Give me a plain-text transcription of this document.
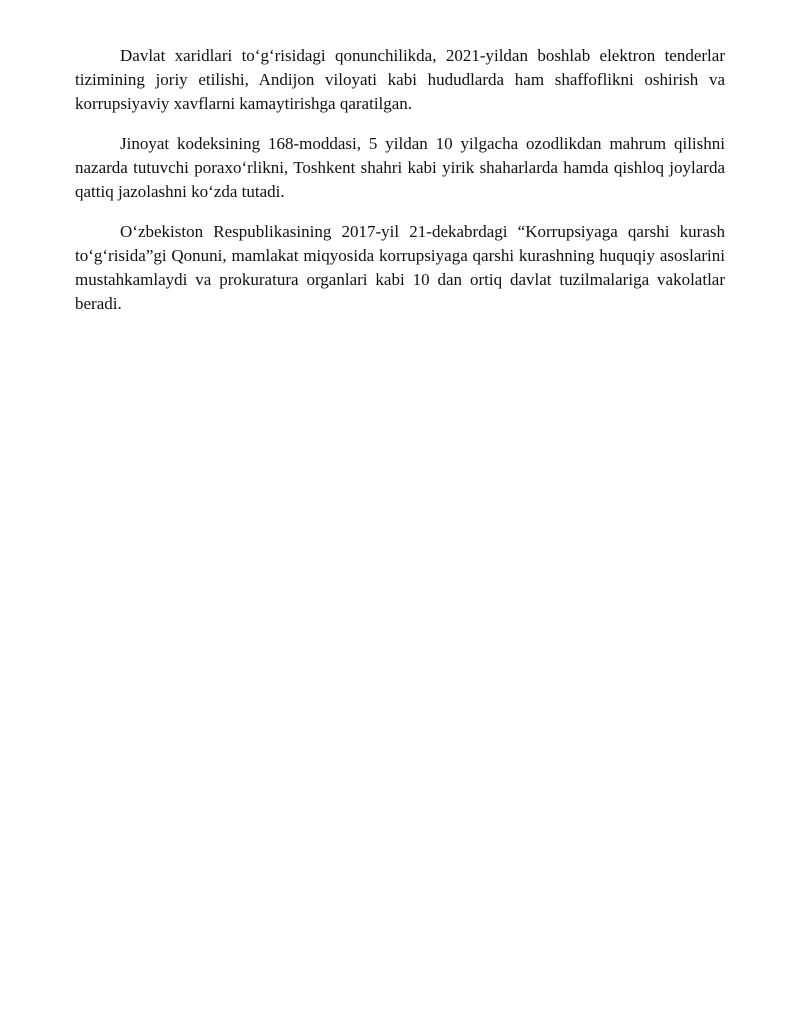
Davlat xaridlari to‘g‘risidagi qonunchilikda, 2021-yildan boshlab elektron tenderlar tizimining joriy etilishi, Andijon viloyati kabi hududlarda ham shaffoflikni oshirish va korrupsiyaviy xavflarni kamaytirishga qaratilgan.

Jinoyat kodeksining 168-moddasi, 5 yildan 10 yilgacha ozodlikdan mahrum qilishni nazarda tutuvchi poraxo‘rlikni, Toshkent shahri kabi yirik shaharlarda hamda qishloq joylarda qattiq jazolashni ko‘zda tutadi.

O‘zbekiston Respublikasining 2017-yil 21-dekabrdagi “Korrupsiyaga qarshi kurash to‘g‘risida”gi Qonuni, mamlakat miqyosida korrupsiyaga qarshi kurashning huquqiy asoslarini mustahkamlaydi va prokuratura organlari kabi 10 dan ortiq davlat tuzilmalariga vakolatlar beradi.
